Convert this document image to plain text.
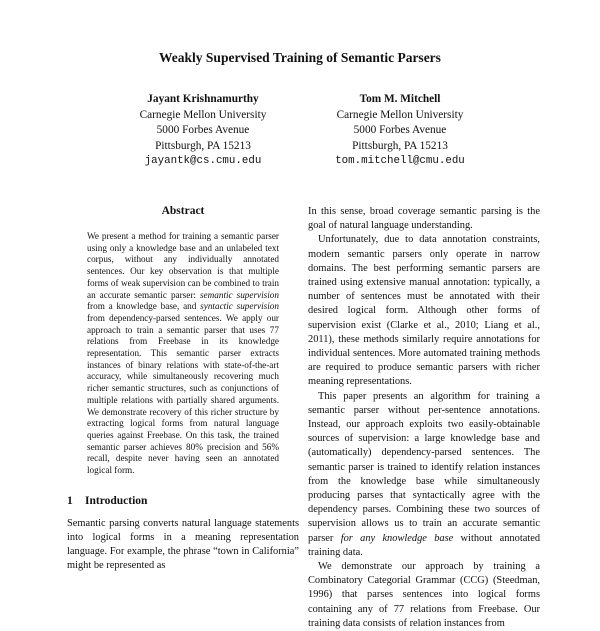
Weakly Supervised Training of Semantic Parsers
Jayant Krishnamurthy
Carnegie Mellon University
5000 Forbes Avenue
Pittsburgh, PA 15213
jayantk@cs.cmu.edu
Tom M. Mitchell
Carnegie Mellon University
5000 Forbes Avenue
Pittsburgh, PA 15213
tom.mitchell@cmu.edu
Abstract

We present a method for training a semantic parser using only a knowledge base and an unlabeled text corpus, without any individually annotated sentences. Our key observation is that multiple forms of weak supervision can be combined to train an accurate semantic parser: semantic supervision from a knowledge base, and syntactic supervision from dependency-parsed sentences. We apply our approach to train a semantic parser that uses 77 relations from Freebase in its knowledge representation. This semantic parser extracts instances of binary relations with state-of-the-art accuracy, while simultaneously recovering much richer semantic structures, such as conjunctions of multiple relations with partially shared arguments. We demonstrate recovery of this richer structure by extracting logical forms from natural language queries against Freebase. On this task, the trained semantic parser achieves 80% precision and 56% recall, despite never having seen an annotated logical form.

1 Introduction

Semantic parsing converts natural language statements into logical forms in a meaning representation language. For example, the phrase “town in California” might be represented as

In this sense, broad coverage semantic parsing is the goal of natural language understanding.

Unfortunately, due to data annotation constraints, modern semantic parsers only operate in narrow domains. The best performing semantic parsers are trained using extensive manual annotation: typically, a number of sentences must be annotated with their desired logical form. Although other forms of supervision exist (Clarke et al., 2010; Liang et al., 2011), these methods similarly require annotations for individual sentences. More automated training methods are required to produce semantic parsers with richer meaning representations.

This paper presents an algorithm for training a semantic parser without per-sentence annotations. Instead, our approach exploits two easily-obtainable sources of supervision: a large knowledge base and (automatically) dependency-parsed sentences. The semantic parser is trained to identify relation instances from the knowledge base while simultaneously producing parses that syntactically agree with the dependency parses. Combining these two sources of supervision allows us to train an accurate semantic parser for any knowledge base without annotated training data.

We demonstrate our approach by training a Combinatory Categorial Grammar (CCG) (Steedman, 1996) that parses sentences into logical forms containing any of 77 relations from Freebase. Our training data consists of relation instances from
